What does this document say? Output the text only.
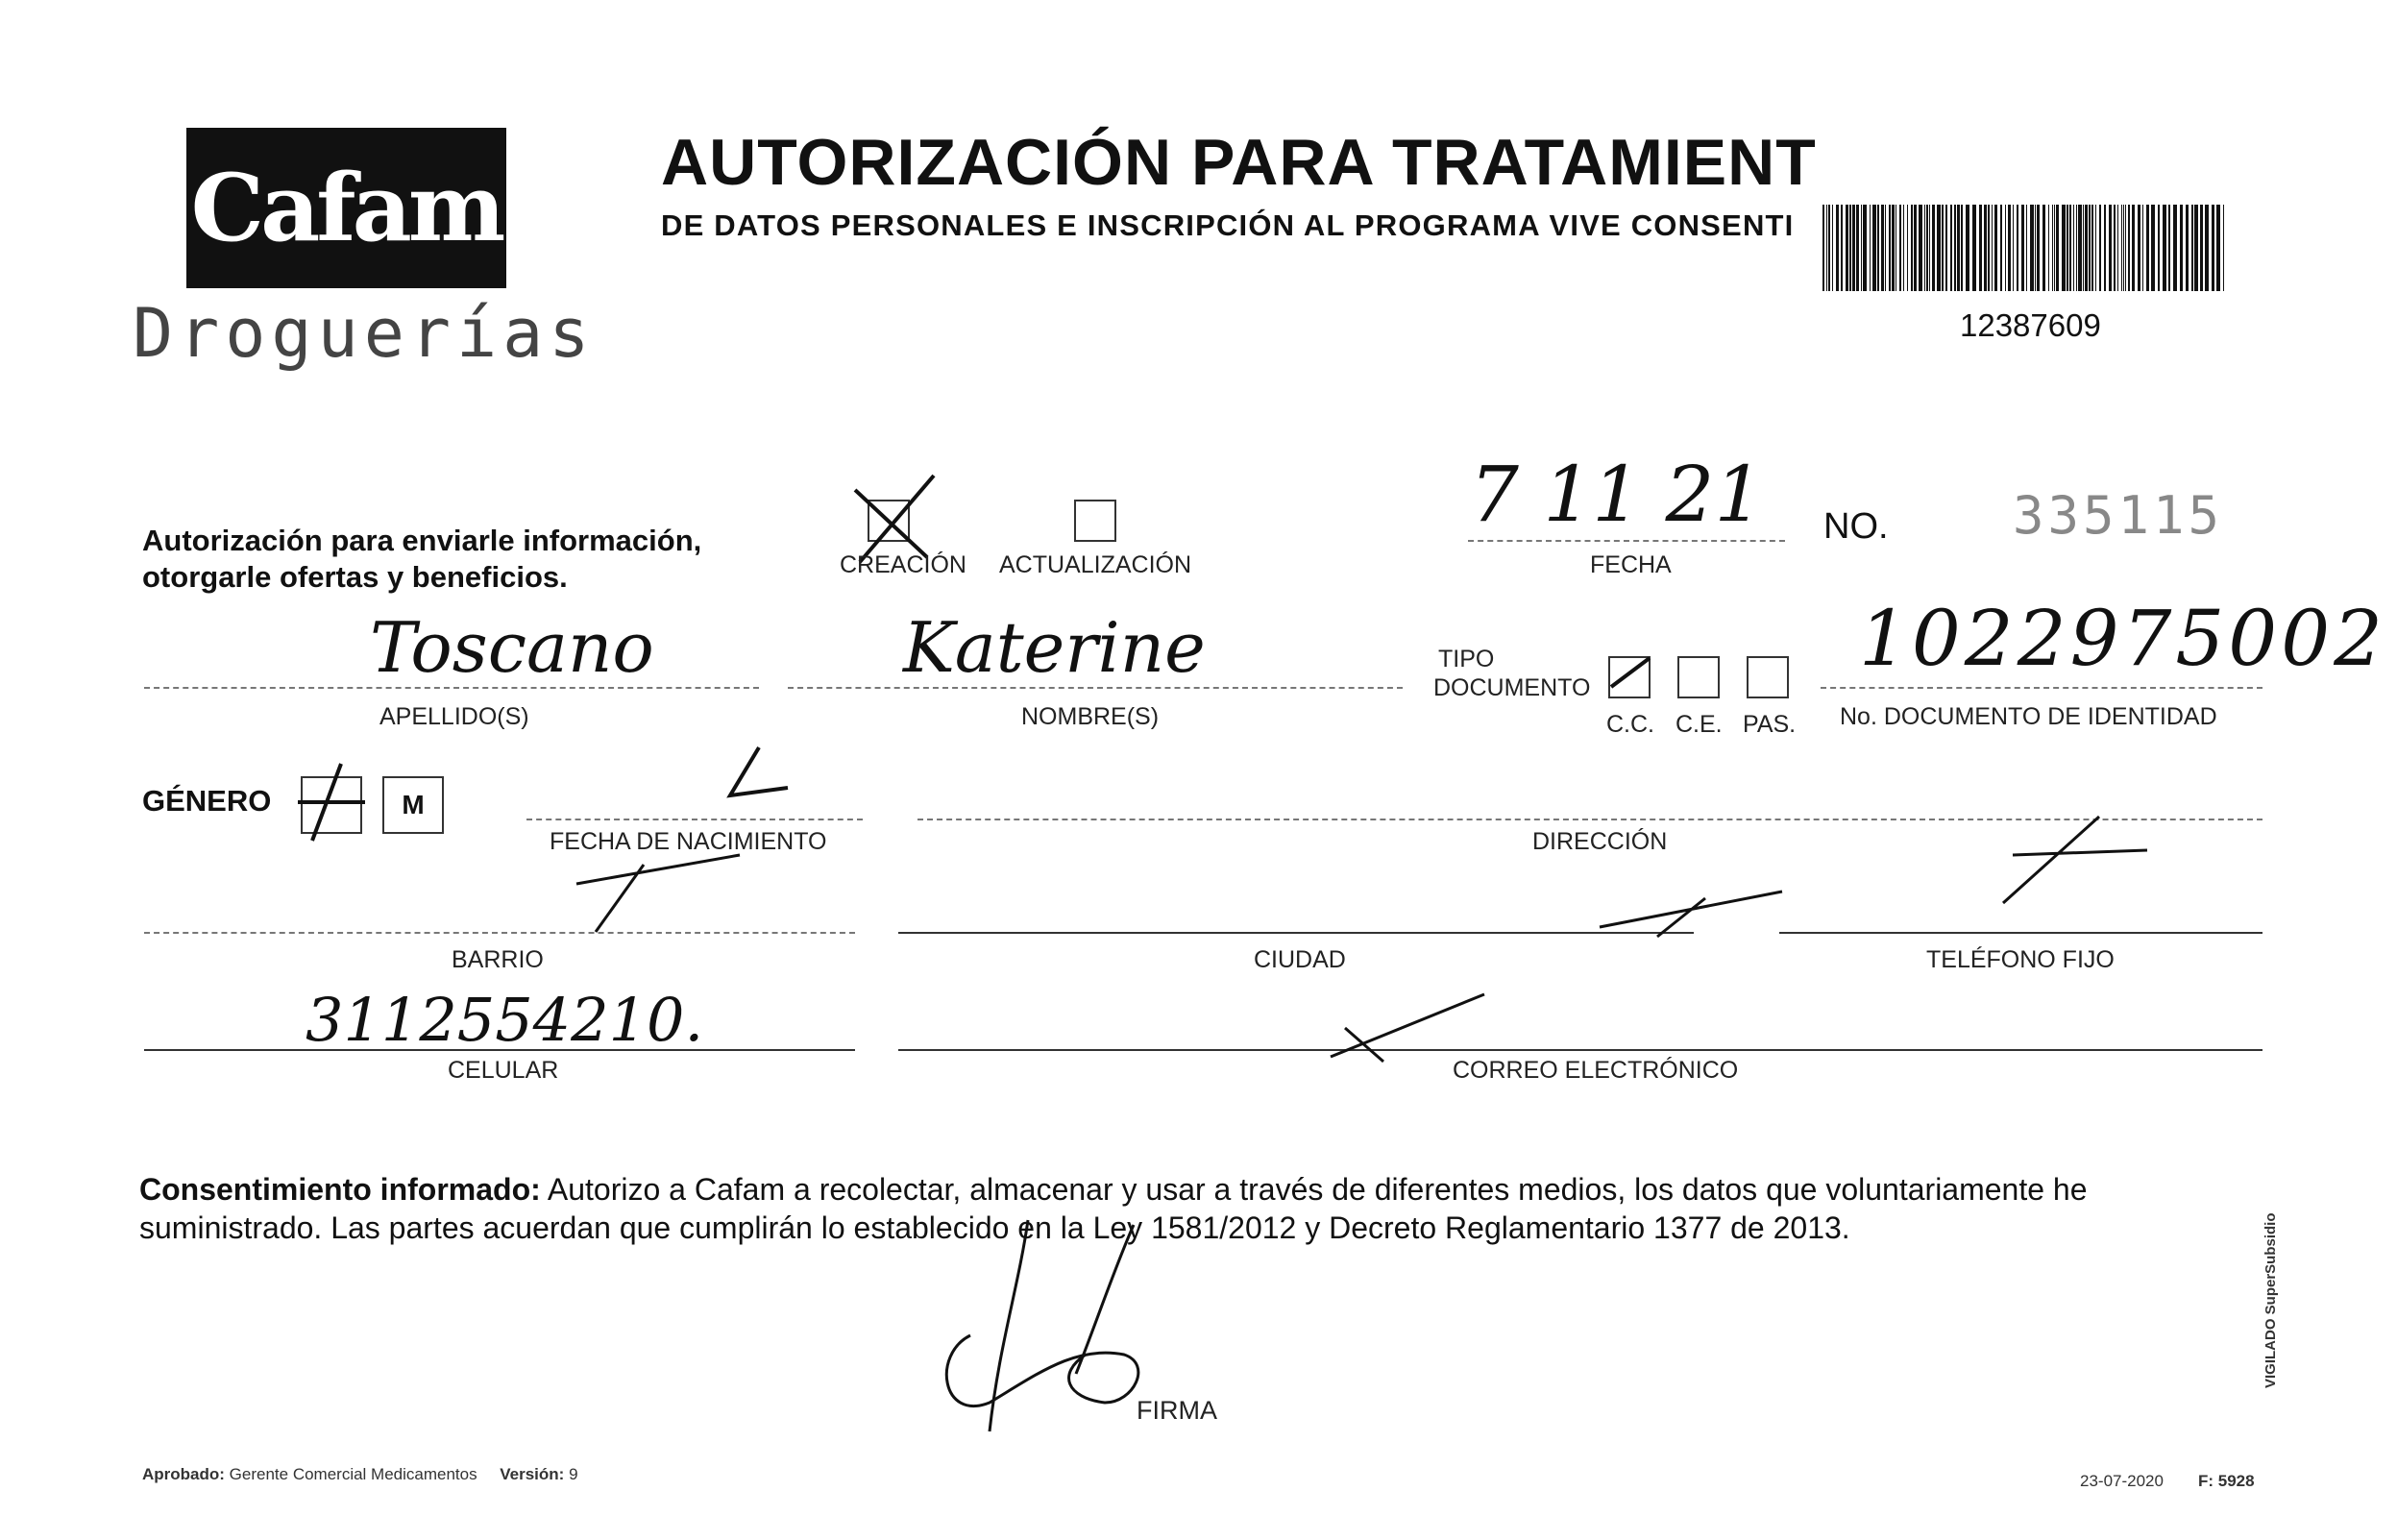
Cafam
Droguerías
AUTORIZACIÓN PARA TRATAMIENT
DE DATOS PERSONALES E INSCRIPCIÓN AL PROGRAMA VIVE CONSENTI
12387609
Autorización para enviarle información,
otorgarle ofertas y beneficios.	CREACIÓN ACTUALIZACIÓN
7 11 21
FECHA
NO. 335115
Toscano
APELLIDO(S)
Katerine
NOMBRE(S)
TIPO
DOCUMENTO
C.C. C.E. PAS.
1022975002
No. DOCUMENTO DE IDENTIDAD
GÉNERO	M
FECHA DE NACIMIENTO	DIRECCIÓN
BARRIO	CIUDAD	TELÉFONO FIJO
3112554210.
CELULAR	CORREO ELECTRÓNICO
Consentimiento informado: Autorizo a Cafam a recolectar, almacenar y usar a través de diferentes medios, los datos que voluntariamente he suministrado. Las partes acuerdan que cumplirán lo establecido en la Ley 1581/2012 y Decreto Reglamentario 1377 de 2013.
FIRMA
Aprobado: Gerente Comercial Medicamentos Versión: 9	23-07-2020 F: 5928
VIGILADO SuperSubsidio
